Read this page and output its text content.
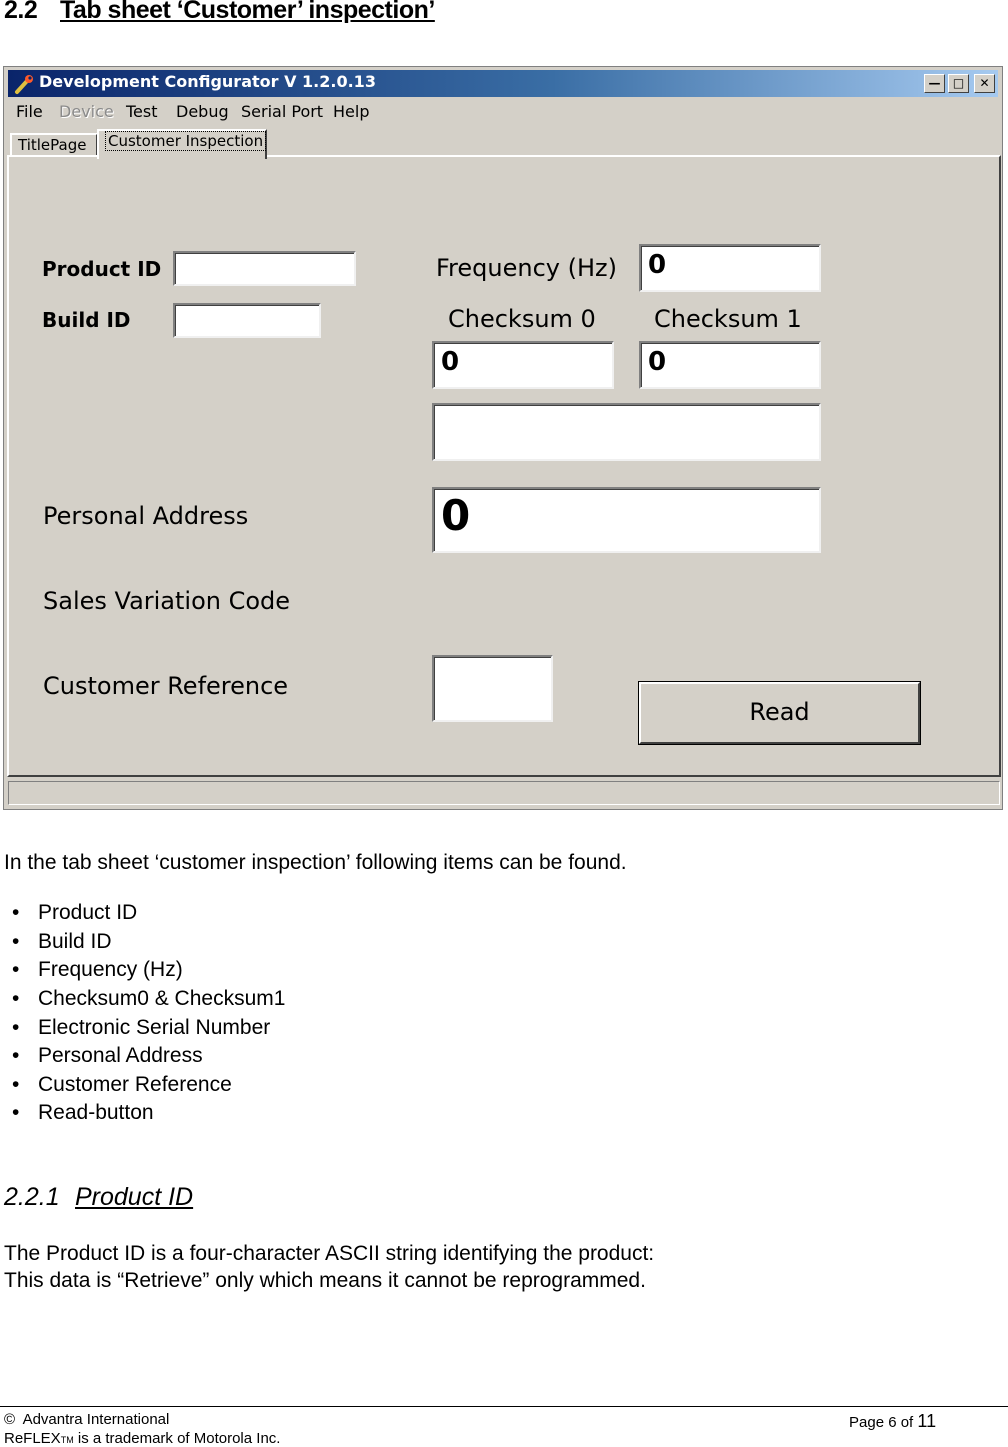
2.2 Tab sheet ‘Customer’ inspection’
Development Configurator V 1.2.0.13	—	□	✕
File Device Test Debug Serial Port Help
TitlePage	Customer Inspection
Product ID
Build ID
Frequency (Hz)	0
Checksum 0 Checksum 1
0	0
Personal Address	0
Sales Variation Code
Customer Reference
Read
In the tab sheet ‘customer inspection’ following items can be found.
• Product ID
• Build ID
• Frequency (Hz)
• Checksum0 & Checksum1
• Electronic Serial Number
• Personal Address
• Customer Reference
• Read-button
2.2.1 Product ID
The Product ID is a four-character ASCII string identifying the product:
This data is “Retrieve” only which means it cannot be reprogrammed.
© Advantra International	Page 6 of 11
ReFLEXTM is a trademark of Motorola Inc.
